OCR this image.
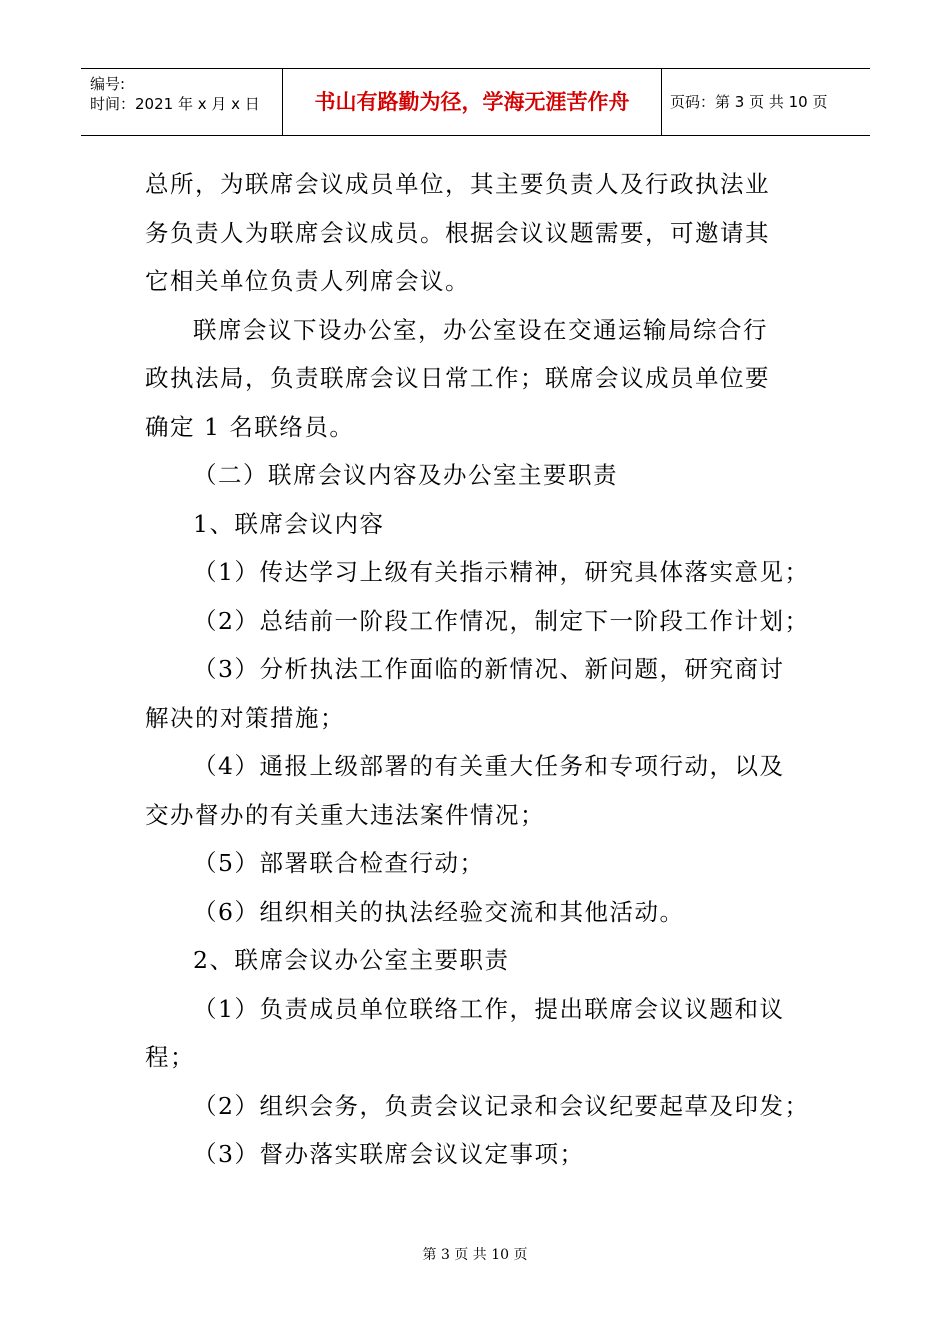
编号:
时间：2021 年 x 月 x 日	书山有路勤为径，学海无涯苦作舟	页码：第 3 页 共 10 页

总所，为联席会议成员单位，其主要负责人及行政执法业

务负责人为联席会议成员。根据会议议题需要，可邀请其

它相关单位负责人列席会议。

联席会议下设办公室，办公室设在交通运输局综合行

政执法局，负责联席会议日常工作；联席会议成员单位要

确定 1 名联络员。

（二）联席会议内容及办公室主要职责

1、联席会议内容

（1）传达学习上级有关指示精神，研究具体落实意见；

（2）总结前一阶段工作情况，制定下一阶段工作计划；

（3）分析执法工作面临的新情况、新问题，研究商讨

解决的对策措施；

（4）通报上级部署的有关重大任务和专项行动，以及

交办督办的有关重大违法案件情况；

（5）部署联合检查行动；

（6）组织相关的执法经验交流和其他活动。

2、联席会议办公室主要职责

（1）负责成员单位联络工作，提出联席会议议题和议

程；

（2）组织会务，负责会议记录和会议纪要起草及印发；

（3）督办落实联席会议议定事项；

第 3 页 共 10 页
